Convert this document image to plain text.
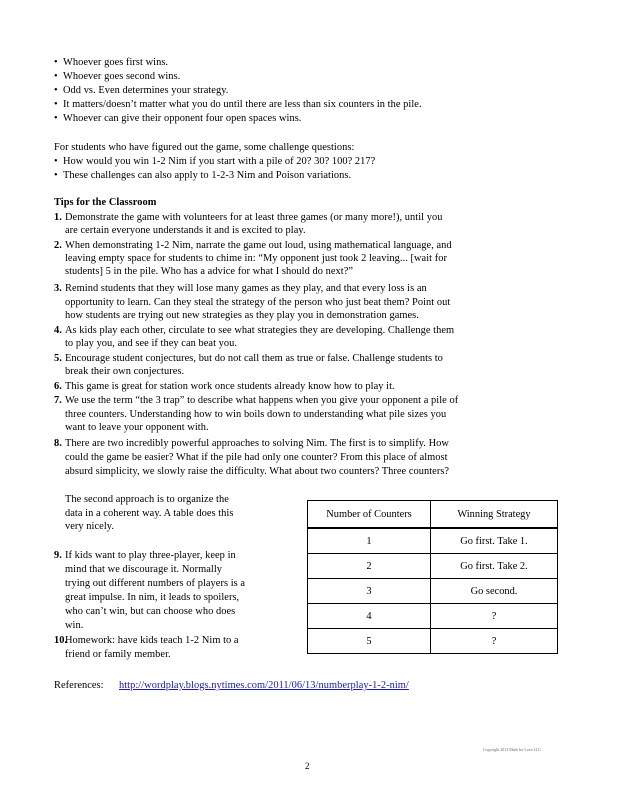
• Whoever goes first wins.
• Whoever goes second wins.
• Odd vs. Even determines your strategy.
• It matters/doesn’t matter what you do until there are less than six counters in the pile.
• Whoever can give their opponent four open spaces wins.
For students who have figured out the game, some challenge questions:
• How would you win 1-2 Nim if you start with a pile of 20? 30? 100? 217?
• These challenges can also apply to 1-2-3 Nim and Poison variations.
Tips for the Classroom
1. Demonstrate the game with volunteers for at least three games (or many more!), until you
are certain everyone understands it and is excited to play.
2. When demonstrating 1-2 Nim, narrate the game out loud, using mathematical language, and
leaving empty space for students to chime in: “My opponent just took 2 leaving... [wait for
students] 5 in the pile. Who has a advice for what I should do next?”
3. Remind students that they will lose many games as they play, and that every loss is an
opportunity to learn. Can they steal the strategy of the person who just beat them? Point out
how students are trying out new strategies as they play you in demonstration games.
4. As kids play each other, circulate to see what strategies they are developing. Challenge them
to play you, and see if they can beat you.
5. Encourage student conjectures, but do not call them as true or false. Challenge students to
break their own conjectures.
6. This game is great for station work once students already know how to play it.
7. We use the term “the 3 trap” to describe what happens when you give your opponent a pile of
three counters. Understanding how to win boils down to understanding what pile sizes you
want to leave your opponent with.
8. There are two incredibly powerful approaches to solving Nim. The first is to simplify. How
could the game be easier? What if the pile had only one counter? From this place of almost
absurd simplicity, we slowly raise the difficulty. What about two counters? Three counters?
The second approach is to organize the
data in a coherent way. A table does this
very nicely.
9. If kids want to play three-player, keep in
mind that we discourage it. Normally
trying out different numbers of players is a
great impulse. In nim, it leads to spoilers,
who can’t win, but can choose who does
win.
10.
Homework: have kids teach 1-2 Nim to a
friend or family member.
Number of Counters	Winning Strategy
1	Go first. Take 1.
2	Go first. Take 2.
3	Go second.
4	?
5	?
References: http://wordplay.blogs.nytimes.com/2011/06/13/numberplay-1-2-nim/
Copyright 2013 Math for Love LLC
2
